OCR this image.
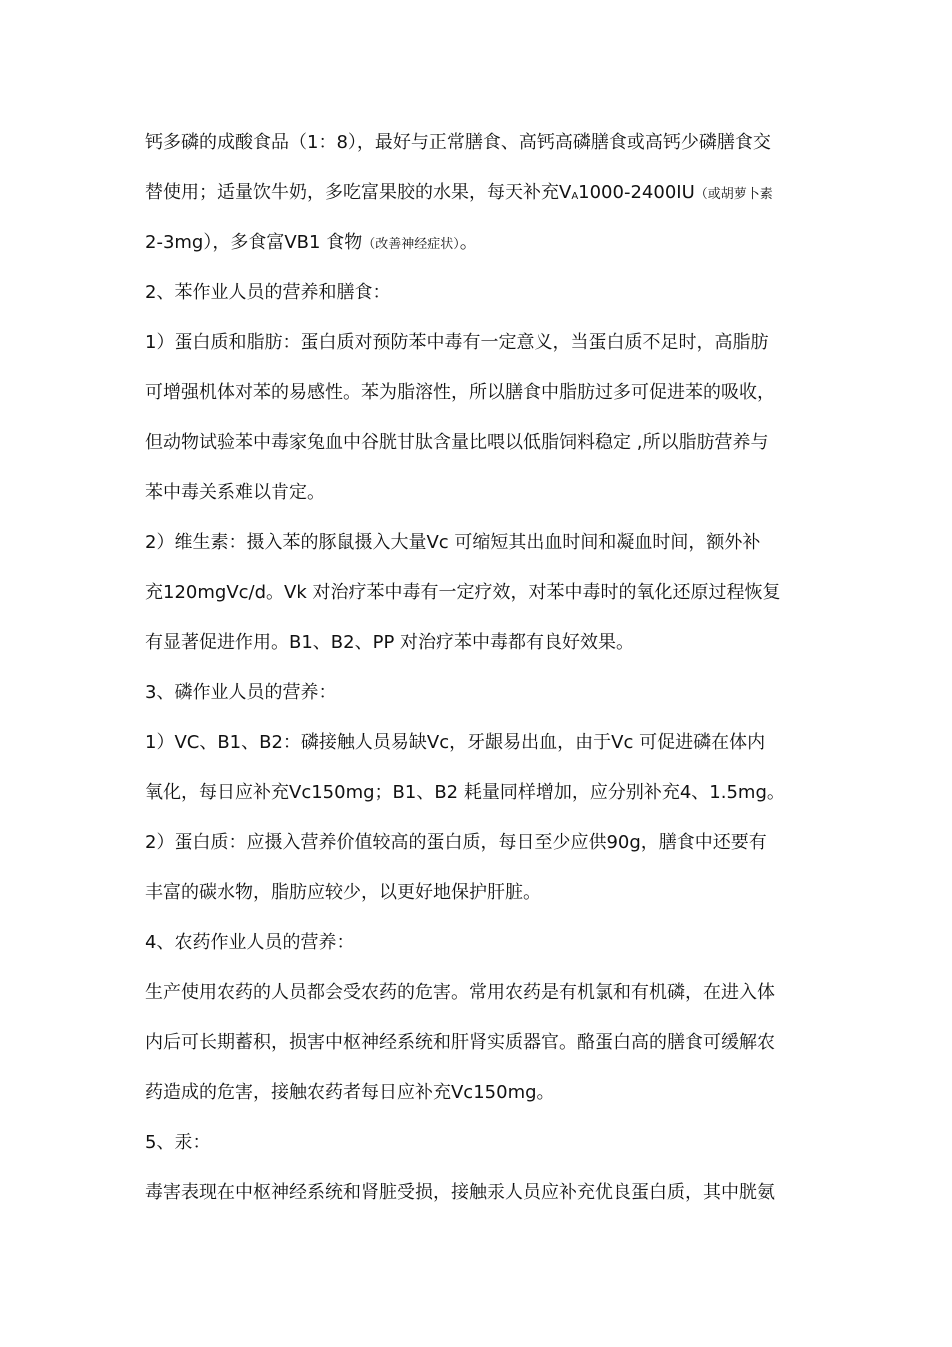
钙多磷的成酸食品（1：8），最好与正常膳食、高钙高磷膳食或高钙少磷膳食交
替使用；适量饮牛奶，多吃富果胶的水果，每天补充VA1000-2400IU（或胡萝卜素
2-3mg），多食富VB1 食物（改善神经症状）。
2、苯作业人员的营养和膳食：
1）蛋白质和脂肪：蛋白质对预防苯中毒有一定意义，当蛋白质不足时，高脂肪
可增强机体对苯的易感性。苯为脂溶性，所以膳食中脂肪过多可促进苯的吸收，
但动物试验苯中毒家兔血中谷胱甘肽含量比喂以低脂饲料稳定 ,所以脂肪营养与
苯中毒关系难以肯定。
2）维生素：摄入苯的豚鼠摄入大量Vc 可缩短其出血时间和凝血时间，额外补
充120mgVc/d。Vk 对治疗苯中毒有一定疗效，对苯中毒时的氧化还原过程恢复
有显著促进作用。B1、B2、PP 对治疗苯中毒都有良好效果。
3、磷作业人员的营养：
1）VC、B1、B2：磷接触人员易缺Vc，牙龈易出血，由于Vc 可促进磷在体内
氧化，每日应补充Vc150mg；B1、B2 耗量同样增加，应分别补充4、1.5mg。
2）蛋白质：应摄入营养价值较高的蛋白质，每日至少应供90g，膳食中还要有
丰富的碳水物，脂肪应较少，以更好地保护肝脏。
4、农药作业人员的营养：
生产使用农药的人员都会受农药的危害。常用农药是有机氯和有机磷，在进入体
内后可长期蓄积，损害中枢神经系统和肝肾实质器官。酪蛋白高的膳食可缓解农
药造成的危害，接触农药者每日应补充Vc150mg。
5、汞：
毒害表现在中枢神经系统和肾脏受损，接触汞人员应补充优良蛋白质，其中胱氨
